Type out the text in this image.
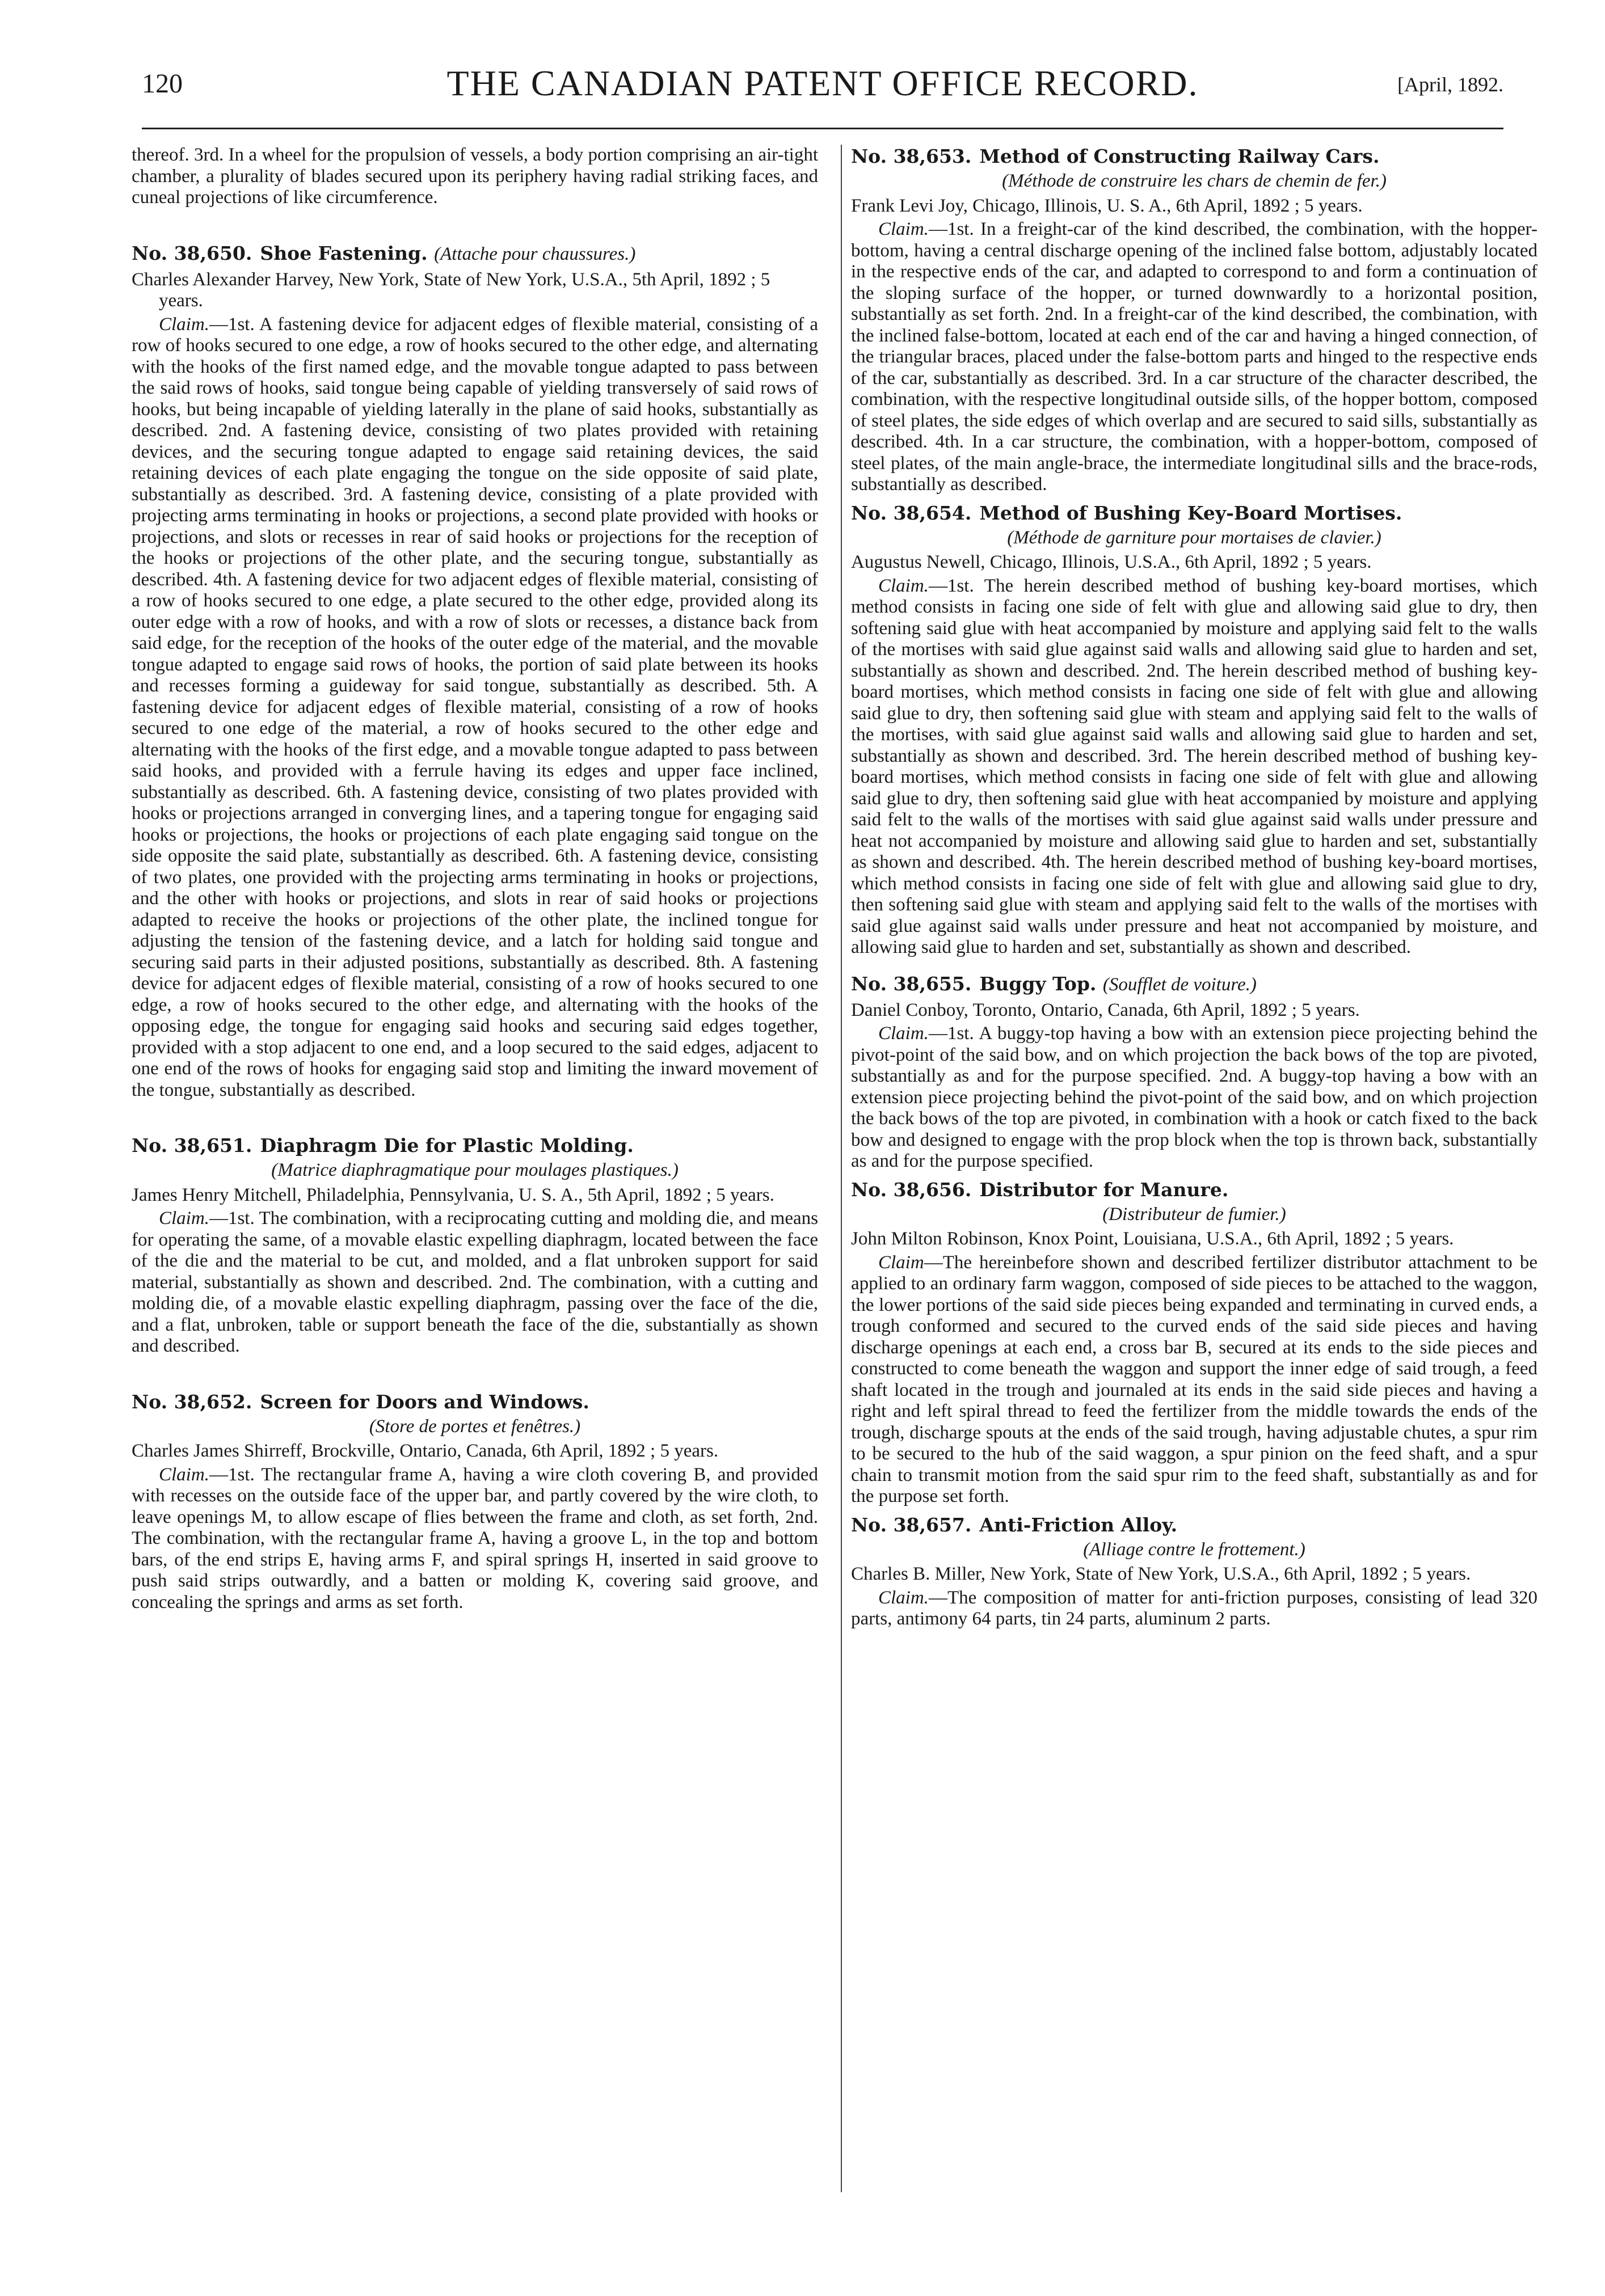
120	THE CANADIAN PATENT OFFICE RECORD.	[April, 1892.

thereof. 3rd. In a wheel for the propulsion of vessels, a body portion comprising an air-tight chamber, a plurality of blades secured upon its periphery having radial striking faces, and cuneal projections of like circumference.

No. 38,650. Shoe Fastening. (Attache pour chaussures.)

Charles Alexander Harvey, New York, State of New York, U.S.A., 5th April, 1892 ; 5 years.

Claim.—1st. A fastening device for adjacent edges of flexible material, consisting of a row of hooks secured to one edge, a row of hooks secured to the other edge, and alternating with the hooks of the first named edge, and the movable tongue adapted to pass between the said rows of hooks, said tongue being capable of yielding transversely of said rows of hooks, but being incapable of yielding laterally in the plane of said hooks, substantially as described. 2nd. A fastening device, consisting of two plates provided with retaining devices, and the securing tongue adapted to engage said retaining devices, the said retaining devices of each plate engaging the tongue on the side opposite of said plate, substantially as described. 3rd. A fastening device, consisting of a plate provided with projecting arms terminating in hooks or projections, a second plate provided with hooks or projections, and slots or recesses in rear of said hooks or projections for the reception of the hooks or projections of the other plate, and the securing tongue, substantially as described. 4th. A fastening device for two adjacent edges of flexible material, consisting of a row of hooks secured to one edge, a plate secured to the other edge, provided along its outer edge with a row of hooks, and with a row of slots or recesses, a distance back from said edge, for the reception of the hooks of the outer edge of the material, and the movable tongue adapted to engage said rows of hooks, the portion of said plate between its hooks and recesses forming a guideway for said tongue, substantially as described. 5th. A fastening device for adjacent edges of flexible material, consisting of a row of hooks secured to one edge of the material, a row of hooks secured to the other edge and alternating with the hooks of the first edge, and a movable tongue adapted to pass between said hooks, and provided with a ferrule having its edges and upper face inclined, substantially as described. 6th. A fastening device, consisting of two plates provided with hooks or projections arranged in converging lines, and a tapering tongue for engaging said hooks or projections, the hooks or projections of each plate engaging said tongue on the side opposite the said plate, substantially as described. 6th. A fastening device, consisting of two plates, one provided with the projecting arms terminating in hooks or projections, and the other with hooks or projections, and slots in rear of said hooks or projections adapted to receive the hooks or projections of the other plate, the inclined tongue for adjusting the tension of the fastening device, and a latch for holding said tongue and securing said parts in their adjusted positions, substantially as described. 8th. A fastening device for adjacent edges of flexible material, consisting of a row of hooks secured to one edge, a row of hooks secured to the other edge, and alternating with the hooks of the opposing edge, the tongue for engaging said hooks and securing said edges together, provided with a stop adjacent to one end, and a loop secured to the said edges, adjacent to one end of the rows of hooks for engaging said stop and limiting the inward movement of the tongue, substantially as described.

No. 38,651. Diaphragm Die for Plastic Molding.

(Matrice diaphragmatique pour moulages plastiques.)

James Henry Mitchell, Philadelphia, Pennsylvania, U. S. A., 5th April, 1892 ; 5 years.

Claim.—1st. The combination, with a reciprocating cutting and molding die, and means for operating the same, of a movable elastic expelling diaphragm, located between the face of the die and the material to be cut, and molded, and a flat unbroken support for said material, substantially as shown and described. 2nd. The combination, with a cutting and molding die, of a movable elastic expelling diaphragm, passing over the face of the die, and a flat, unbroken, table or support beneath the face of the die, substantially as shown and described.

No. 38,652. Screen for Doors and Windows.

(Store de portes et fenêtres.)

Charles James Shirreff, Brockville, Ontario, Canada, 6th April, 1892 ; 5 years.

Claim.—1st. The rectangular frame A, having a wire cloth covering B, and provided with recesses on the outside face of the upper bar, and partly covered by the wire cloth, to leave openings M, to allow escape of flies between the frame and cloth, as set forth, 2nd. The combination, with the rectangular frame A, having a groove L, in the top and bottom bars, of the end strips E, having arms F, and spiral springs H, inserted in said groove to push said strips outwardly, and a batten or molding K, covering said groove, and concealing the springs and arms as set forth.

No. 38,653. Method of Constructing Railway Cars.

(Méthode de construire les chars de chemin de fer.)

Frank Levi Joy, Chicago, Illinois, U. S. A., 6th April, 1892 ; 5 years.

Claim.—1st. In a freight-car of the kind described, the combination, with the hopper-bottom, having a central discharge opening of the inclined false bottom, adjustably located in the respective ends of the car, and adapted to correspond to and form a continuation of the sloping surface of the hopper, or turned downwardly to a horizontal position, substantially as set forth. 2nd. In a freight-car of the kind described, the combination, with the inclined false-bottom, located at each end of the car and having a hinged connection, of the triangular braces, placed under the false-bottom parts and hinged to the respective ends of the car, substantially as described. 3rd. In a car structure of the character described, the combination, with the respective longitudinal outside sills, of the hopper bottom, composed of steel plates, the side edges of which overlap and are secured to said sills, substantially as described. 4th. In a car structure, the combination, with a hopper-bottom, composed of steel plates, of the main angle-brace, the intermediate longitudinal sills and the brace-rods, substantially as described.

No. 38,654. Method of Bushing Key-Board Mortises.

(Méthode de garniture pour mortaises de clavier.)

Augustus Newell, Chicago, Illinois, U.S.A., 6th April, 1892 ; 5 years.

Claim.—1st. The herein described method of bushing key-board mortises, which method consists in facing one side of felt with glue and allowing said glue to dry, then softening said glue with heat accompanied by moisture and applying said felt to the walls of the mortises with said glue against said walls and allowing said glue to harden and set, substantially as shown and described. 2nd. The herein described method of bushing key-board mortises, which method consists in facing one side of felt with glue and allowing said glue to dry, then softening said glue with steam and applying said felt to the walls of the mortises, with said glue against said walls and allowing said glue to harden and set, substantially as shown and described. 3rd. The herein described method of bushing key-board mortises, which method consists in facing one side of felt with glue and allowing said glue to dry, then softening said glue with heat accompanied by moisture and applying said felt to the walls of the mortises with said glue against said walls under pressure and heat not accompanied by moisture and allowing said glue to harden and set, substantially as shown and described. 4th. The herein described method of bushing key-board mortises, which method consists in facing one side of felt with glue and allowing said glue to dry, then softening said glue with steam and applying said felt to the walls of the mortises with said glue against said walls under pressure and heat not accompanied by moisture, and allowing said glue to harden and set, substantially as shown and described.

No. 38,655. Buggy Top. (Soufflet de voiture.)

Daniel Conboy, Toronto, Ontario, Canada, 6th April, 1892 ; 5 years.

Claim.—1st. A buggy-top having a bow with an extension piece projecting behind the pivot-point of the said bow, and on which projection the back bows of the top are pivoted, substantially as and for the purpose specified. 2nd. A buggy-top having a bow with an extension piece projecting behind the pivot-point of the said bow, and on which projection the back bows of the top are pivoted, in combination with a hook or catch fixed to the back bow and designed to engage with the prop block when the top is thrown back, substantially as and for the purpose specified.

No. 38,656. Distributor for Manure.

(Distributeur de fumier.)

John Milton Robinson, Knox Point, Louisiana, U.S.A., 6th April, 1892 ; 5 years.

Claim—The hereinbefore shown and described fertilizer distributor attachment to be applied to an ordinary farm waggon, composed of side pieces to be attached to the waggon, the lower portions of the said side pieces being expanded and terminating in curved ends, a trough conformed and secured to the curved ends of the said side pieces and having discharge openings at each end, a cross bar B, secured at its ends to the side pieces and constructed to come beneath the waggon and support the inner edge of said trough, a feed shaft located in the trough and journaled at its ends in the said side pieces and having a right and left spiral thread to feed the fertilizer from the middle towards the ends of the trough, discharge spouts at the ends of the said trough, having adjustable chutes, a spur rim to be secured to the hub of the said waggon, a spur pinion on the feed shaft, and a spur chain to transmit motion from the said spur rim to the feed shaft, substantially as and for the purpose set forth.

No. 38,657. Anti-Friction Alloy.

(Alliage contre le frottement.)

Charles B. Miller, New York, State of New York, U.S.A., 6th April, 1892 ; 5 years.

Claim.—The composition of matter for anti-friction purposes, consisting of lead 320 parts, antimony 64 parts, tin 24 parts, aluminum 2 parts.
